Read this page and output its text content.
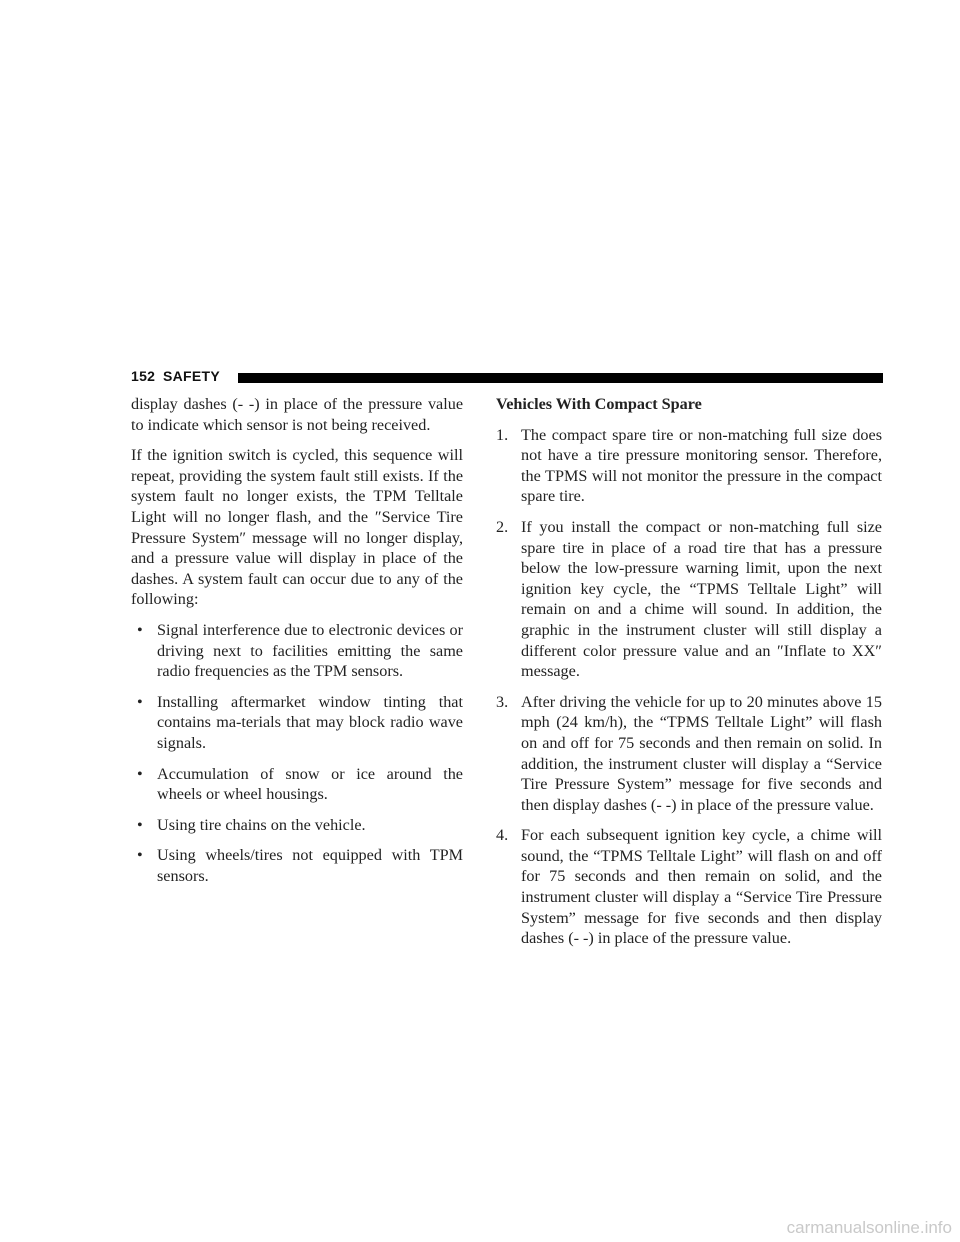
152 SAFETY

display dashes (- -) in place of the pressure value to indicate which sensor is not being received.

If the ignition switch is cycled, this sequence will repeat, providing the system fault still exists. If the system fault no longer exists, the TPM Telltale Light will no longer flash, and the ″Service Tire Pressure System″ message will no longer display, and a pressure value will display in place of the dashes. A system fault can occur due to any of the following:

• Signal interference due to electronic devices or driving next to facilities emitting the same radio frequencies as the TPM sensors.
• Installing aftermarket window tinting that contains ma-terials that may block radio wave signals.
• Accumulation of snow or ice around the wheels or wheel housings.
• Using tire chains on the vehicle.
• Using wheels/tires not equipped with TPM sensors.
Vehicles With Compact Spare
1. The compact spare tire or non-matching full size does not have a tire pressure monitoring sensor. Therefore, the TPMS will not monitor the pressure in the compact spare tire.
2. If you install the compact or non-matching full size spare tire in place of a road tire that has a pressure below the low-pressure warning limit, upon the next ignition key cycle, the “TPMS Telltale Light” will remain on and a chime will sound. In addition, the graphic in the instrument cluster will still display a different color pressure value and an ″Inflate to XX″ message.
3. After driving the vehicle for up to 20 minutes above 15 mph (24 km/h), the “TPMS Telltale Light” will flash on and off for 75 seconds and then remain on solid. In addition, the instrument cluster will display a “Service Tire Pressure System” message for five seconds and then display dashes (- -) in place of the pressure value.
4. For each subsequent ignition key cycle, a chime will sound, the “TPMS Telltale Light” will flash on and off for 75 seconds and then remain on solid, and the instrument cluster will display a “Service Tire Pressure System” message for five seconds and then display dashes (- -) in place of the pressure value.
carmanualsonline.info
